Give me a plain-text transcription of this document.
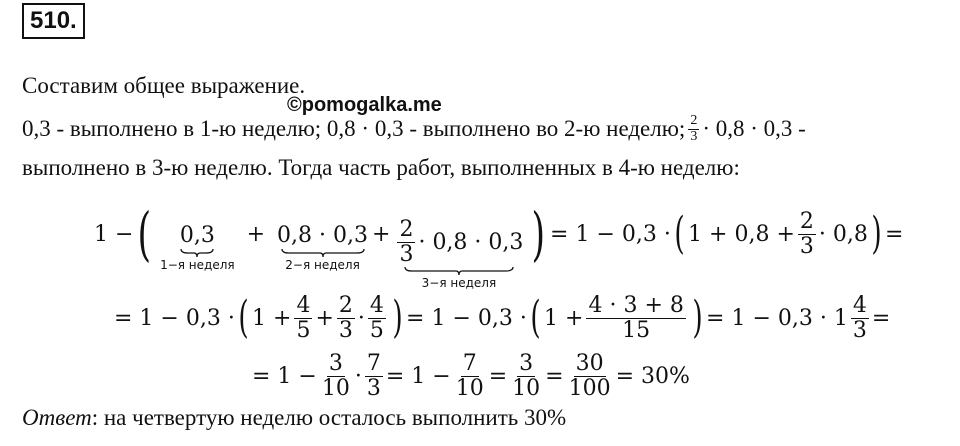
510.
Составим общее выражение.
©pomogalka.me
0,3 - выполнено в 1-ю неделю; 0,8 · 0,3 - выполнено во 2-ю неделю; $\frac{2}{3} \cdot 0,8 \cdot 0,3$ -
выполнено в 3-ю неделю. Тогда часть работ, выполненных в 4-ю неделю:
1 − ( 0,3
1−я неделя
+ 0,8 · 0,3
2−я неделя
+ $\frac{2}{3} \cdot 0,8 \cdot 0,3$
3−я неделя
) = 1 − 0,3 · ( $1 + 0,8 + \frac{2}{3} \cdot 0,8$ ) =
= 1 − 0,3 · ( $1 + \frac{4}{5} + \frac{2}{3} \cdot \frac{4}{5}$ ) = 1 − 0,3 · ( $1 + \frac{4 \cdot 3 + 8}{15}$ ) = $1 - 0,3 \cdot 1 \frac{4}{3}$ =
= $1 - \frac{3}{10} \cdot \frac{7}{3} = 1 - \frac{7}{10} = \frac{3}{10} = \frac{30}{100} = 30\%$
Ответ: на четвертую неделю осталось выполнить 30%
